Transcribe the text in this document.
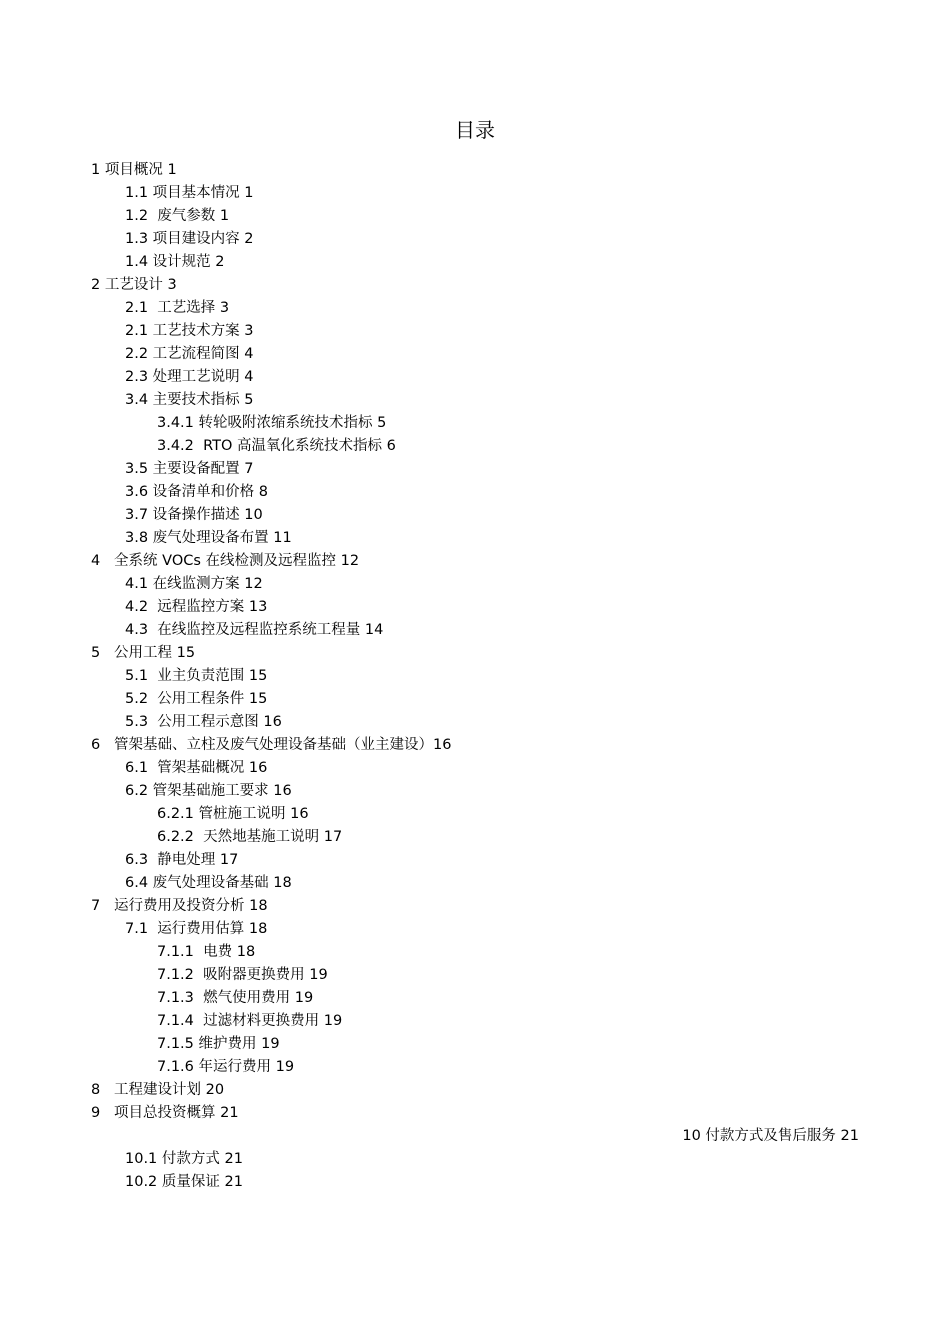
目录
1 项目概况 1
1.1 项目基本情况 1
1.2  废气参数 1
1.3 项目建设内容 2
1.4 设计规范 2
2 工艺设计 3
2.1  工艺选择 3
2.1 工艺技术方案 3
2.2 工艺流程简图 4
2.3 处理工艺说明 4
3.4 主要技术指标 5
3.4.1 转轮吸附浓缩系统技术指标 5
3.4.2  RTO 高温氧化系统技术指标 6
3.5 主要设备配置 7
3.6 设备清单和价格 8
3.7 设备操作描述 10
3.8 废气处理设备布置 11
4   全系统 VOCs 在线检测及远程监控 12
4.1 在线监测方案 12
4.2  远程监控方案 13
4.3  在线监控及远程监控系统工程量 14
5   公用工程 15
5.1  业主负责范围 15
5.2  公用工程条件 15
5.3  公用工程示意图 16
6   管架基础、立柱及废气处理设备基础（业主建设）16
6.1  管架基础概况 16
6.2 管架基础施工要求 16
6.2.1 管桩施工说明 16
6.2.2  天然地基施工说明 17
6.3  静电处理 17
6.4 废气处理设备基础 18
7   运行费用及投资分析 18
7.1  运行费用估算 18
7.1.1  电费 18
7.1.2  吸附器更换费用 19
7.1.3  燃气使用费用 19
7.1.4  过滤材料更换费用 19
7.1.5 维护费用 19
7.1.6 年运行费用 19
8   工程建设计划 20
9   项目总投资概算 21
10 付款方式及售后服务 21
10.1 付款方式 21
10.2 质量保证 21
